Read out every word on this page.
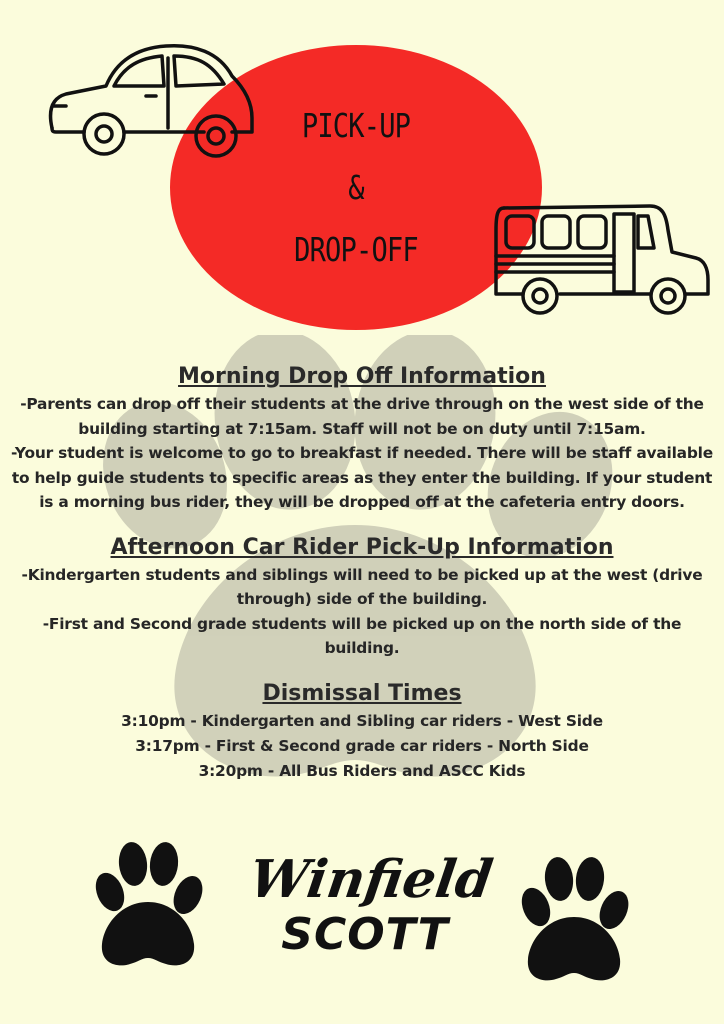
PICK-UP
&
DROP-OFF
Morning Drop Off Information

-Parents can drop off their students at the drive through on the west side of the building starting at 7:15am. Staff will not be on duty until 7:15am.

-Your student is welcome to go to breakfast if needed. There will be staff available to help guide students to specific areas as they enter the building. If your student is a morning bus rider, they will be dropped off at the cafeteria entry doors.

Afternoon Car Rider Pick-Up Information

-Kindergarten students and siblings will need to be picked up at the west (drive through) side of the building.

-First and Second grade students will be picked up on the north side of the building.

Dismissal Times

3:10pm - Kindergarten and Sibling car riders - West Side

3:17pm - First & Second grade car riders - North Side

3:20pm - All Bus Riders and ASCC Kids

Winfield
SCOTT
